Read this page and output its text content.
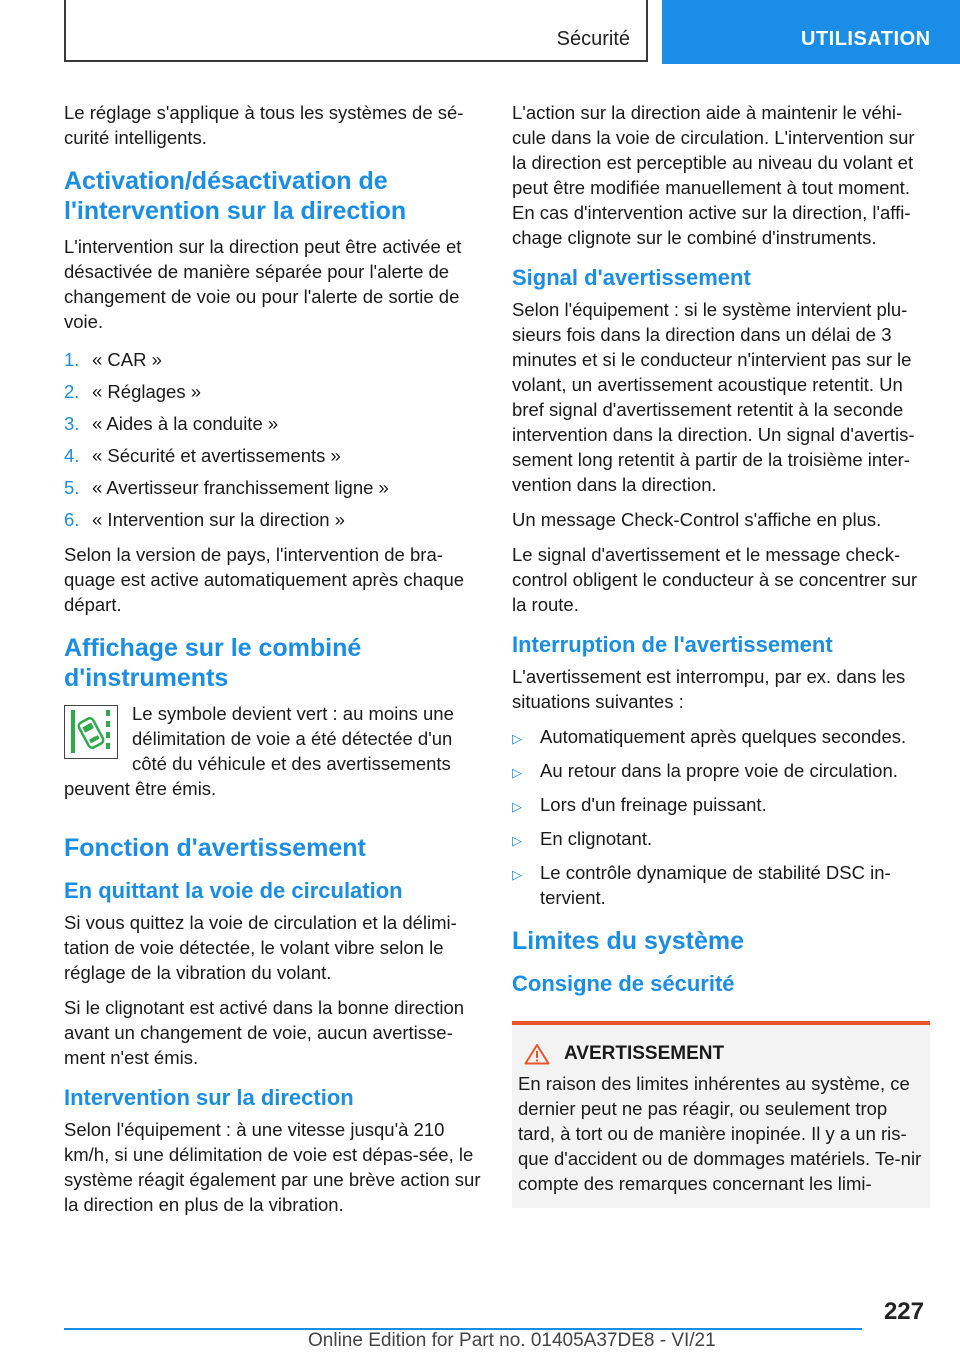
Sécurité	UTILISATION

Le réglage s'applique à tous les systèmes de sé-curité intelligents.

Activation/désactivation de l'intervention sur la direction

L'intervention sur la direction peut être activée et désactivée de manière séparée pour l'alerte de changement de voie ou pour l'alerte de sortie de voie.

1. « CAR »
2. « Réglages »
3. « Aides à la conduite »
4. « Sécurité et avertissements »
5. « Avertisseur franchissement ligne »
6. « Intervention sur la direction »

Selon la version de pays, l'intervention de bra-quage est active automatiquement après chaque départ.

Affichage sur le combiné d'instruments

Le symbole devient vert : au moins une délimitation de voie a été détectée d'un côté du véhicule et des avertissements peuvent être émis.

Fonction d'avertissement
En quittant la voie de circulation

Si vous quittez la voie de circulation et la délimi-tation de voie détectée, le volant vibre selon le réglage de la vibration du volant.

Si le clignotant est activé dans la bonne direction avant un changement de voie, aucun avertisse-ment n'est émis.

Intervention sur la direction

Selon l'équipement : à une vitesse jusqu'à 210 km/h, si une délimitation de voie est dépas-sée, le système réagit également par une brève action sur la direction en plus de la vibration.

L'action sur la direction aide à maintenir le véhi-cule dans la voie de circulation. L'intervention sur la direction est perceptible au niveau du volant et peut être modifiée manuellement à tout moment. En cas d'intervention active sur la direction, l'affi-chage clignote sur le combiné d'instruments.

Signal d'avertissement

Selon l'équipement : si le système intervient plu-sieurs fois dans la direction dans un délai de 3 minutes et si le conducteur n'intervient pas sur le volant, un avertissement acoustique retentit. Un bref signal d'avertissement retentit à la seconde intervention dans la direction. Un signal d'avertis-sement long retentit à partir de la troisième inter-vention dans la direction.

Un message Check-Control s'affiche en plus.

Le signal d'avertissement et le message check-control obligent le conducteur à se concentrer sur la route.

Interruption de l'avertissement

L'avertissement est interrompu, par ex. dans les situations suivantes :

▷ Automatiquement après quelques secondes.
▷ Au retour dans la propre voie de circulation.
▷ Lors d'un freinage puissant.
▷ En clignotant.
▷ Le contrôle dynamique de stabilité DSC in-tervient.
Limites du système
Consigne de sécurité
AVERTISSEMENT

En raison des limites inhérentes au système, ce dernier peut ne pas réagir, ou seulement trop tard, à tort ou de manière inopinée. Il y a un ris-que d'accident ou de dommages matériels. Te-nir compte des remarques concernant les limi-

227
Online Edition for Part no. 01405A37DE8 - VI/21
